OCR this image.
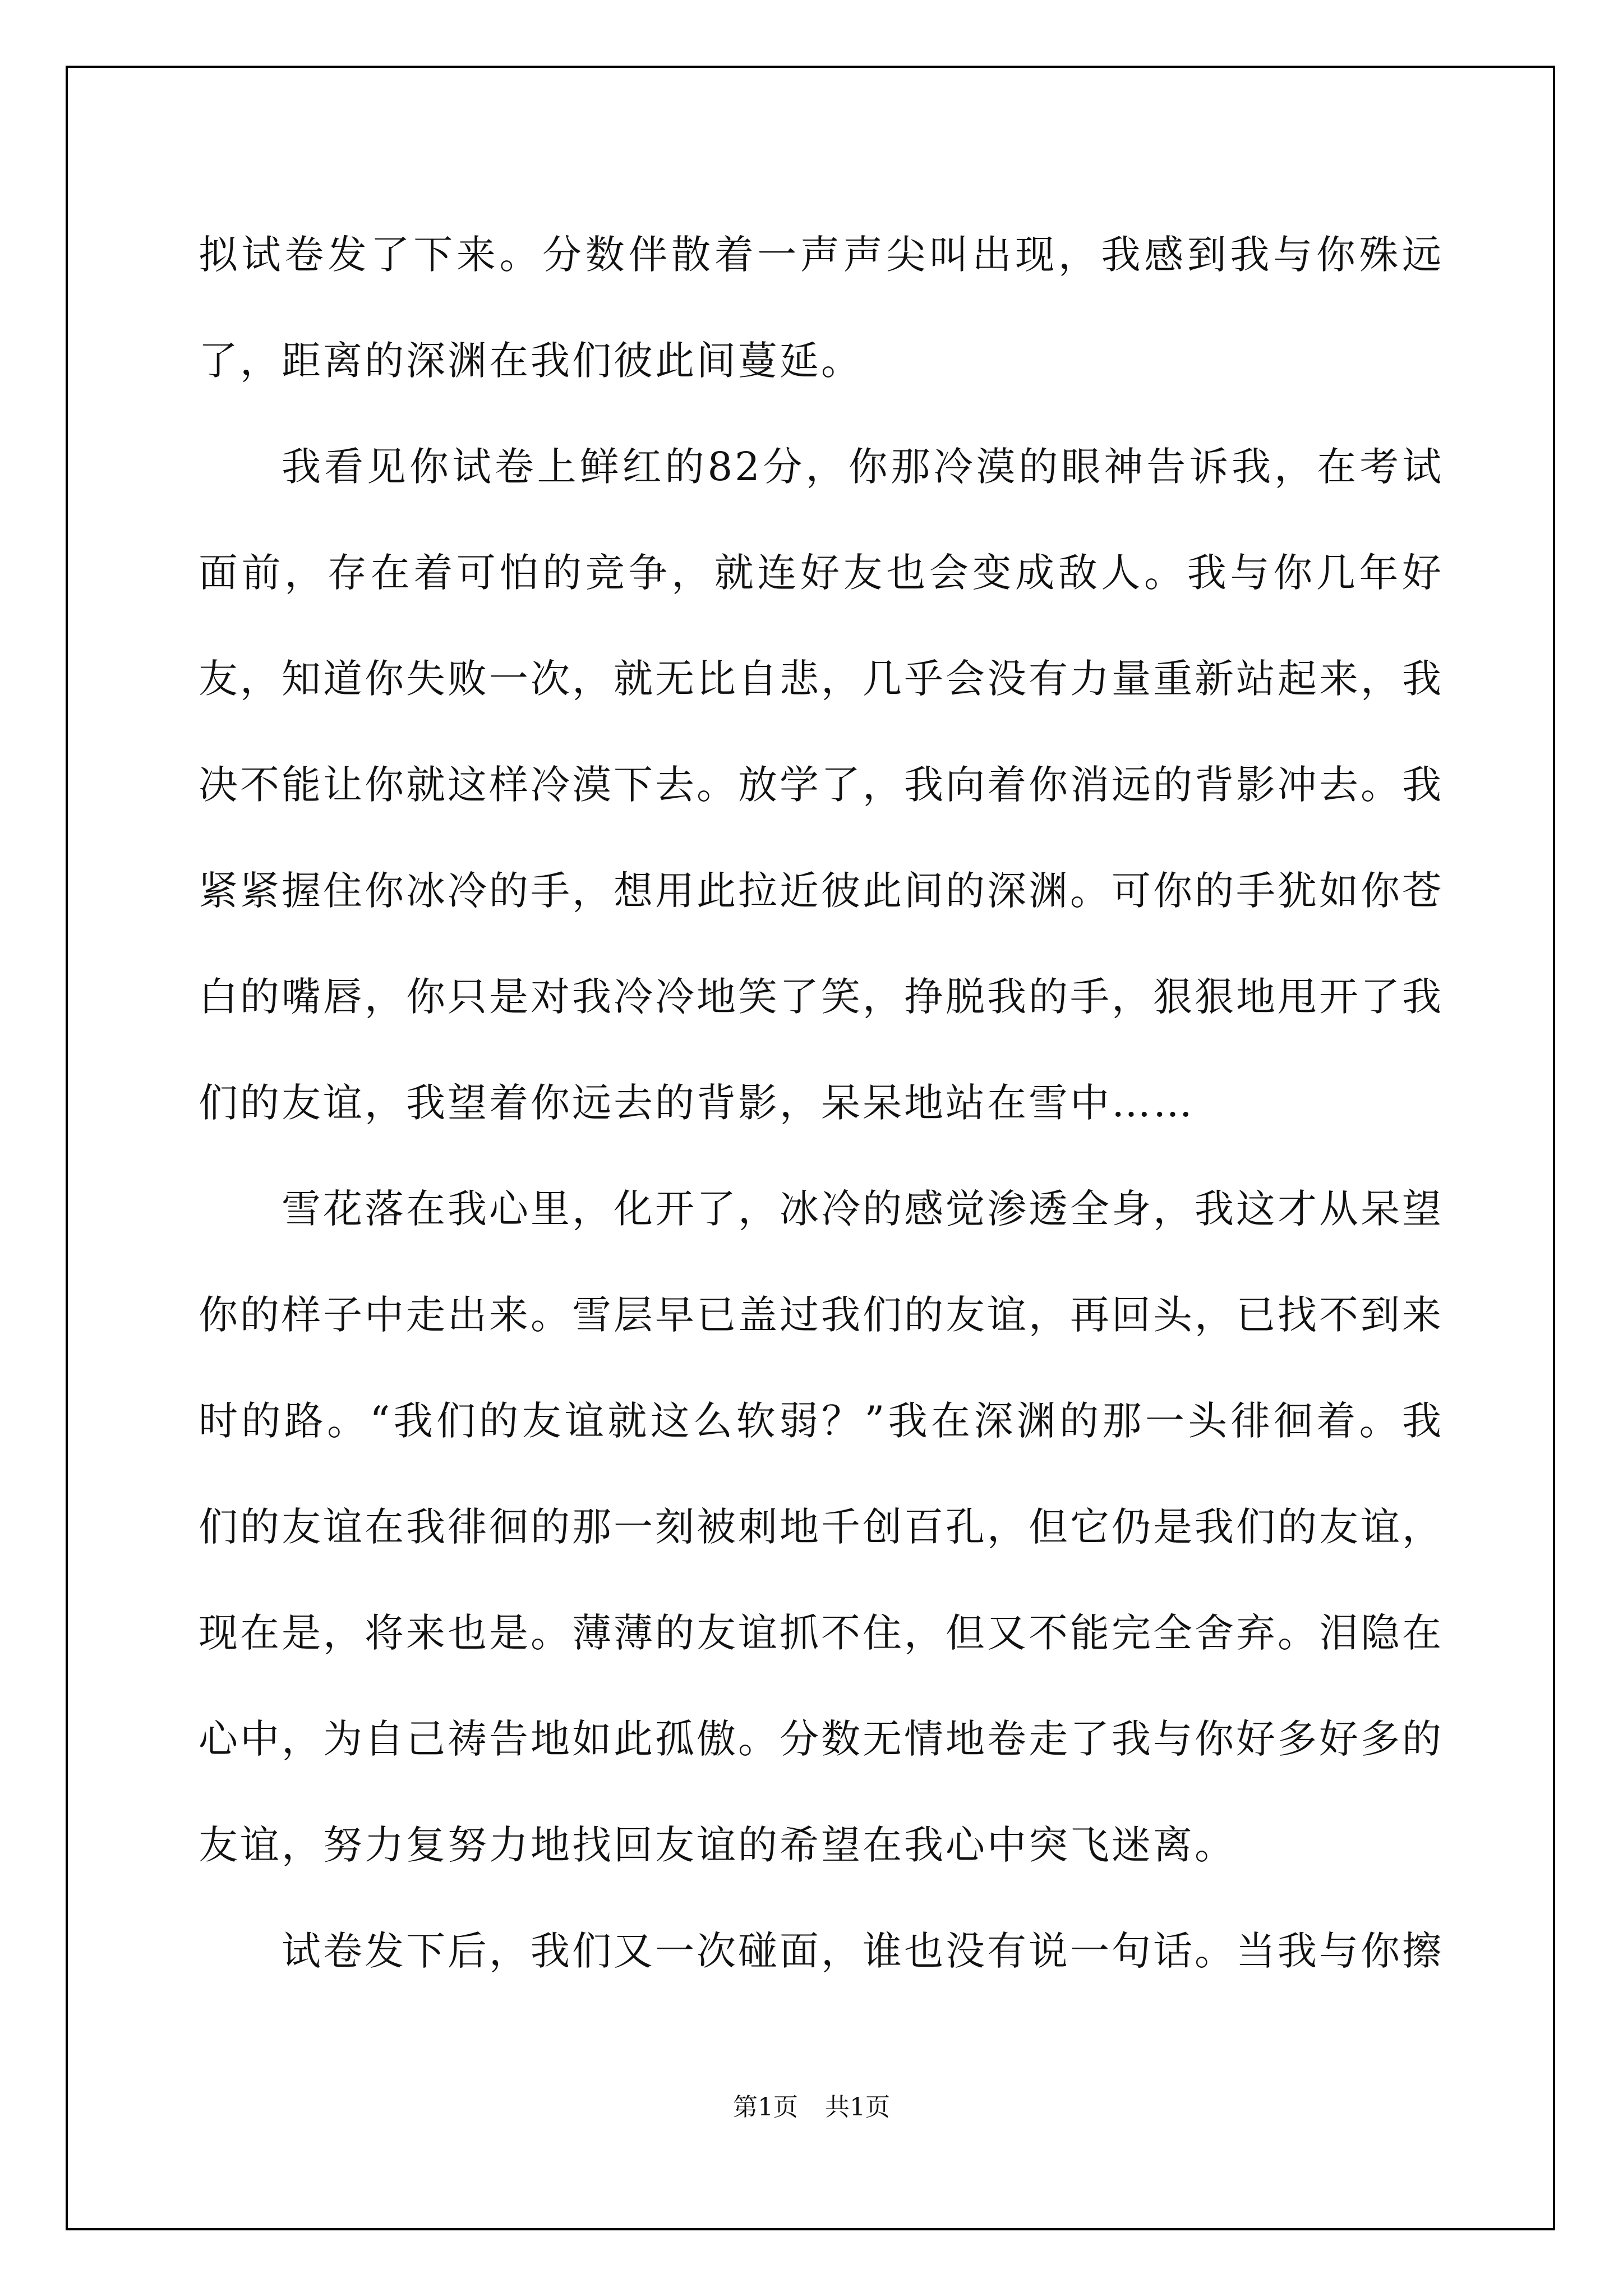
拟试卷发了下来。分数伴散着一声声尖叫出现，我感到我与你殊远了，距离的深渊在我们彼此间蔓延。

我看见你试卷上鲜红的82分，你那冷漠的眼神告诉我，在考试面前，存在着可怕的竞争，就连好友也会变成敌人。我与你几年好友，知道你失败一次，就无比自悲，几乎会没有力量重新站起来，我决不能让你就这样冷漠下去。放学了，我向着你消远的背影冲去。我紧紧握住你冰冷的手，想用此拉近彼此间的深渊。可你的手犹如你苍白的嘴唇，你只是对我冷冷地笑了笑，挣脱我的手，狠狠地甩开了我们的友谊，我望着你远去的背影，呆呆地站在雪中……

雪花落在我心里，化开了，冰冷的感觉渗透全身，我这才从呆望你的样子中走出来。雪层早已盖过我们的友谊，再回头，已找不到来时的路。“我们的友谊就这么软弱？”我在深渊的那一头徘徊着。我们的友谊在我徘徊的那一刻被刺地千创百孔，但它仍是我们的友谊，现在是，将来也是。薄薄的友谊抓不住，但又不能完全舍弃。泪隐在心中，为自己祷告地如此孤傲。分数无情地卷走了我与你好多好多的友谊，努力复努力地找回友谊的希望在我心中突飞迷离。

试卷发下后，我们又一次碰面，谁也没有说一句话。当我与你擦

第1页 共1页
